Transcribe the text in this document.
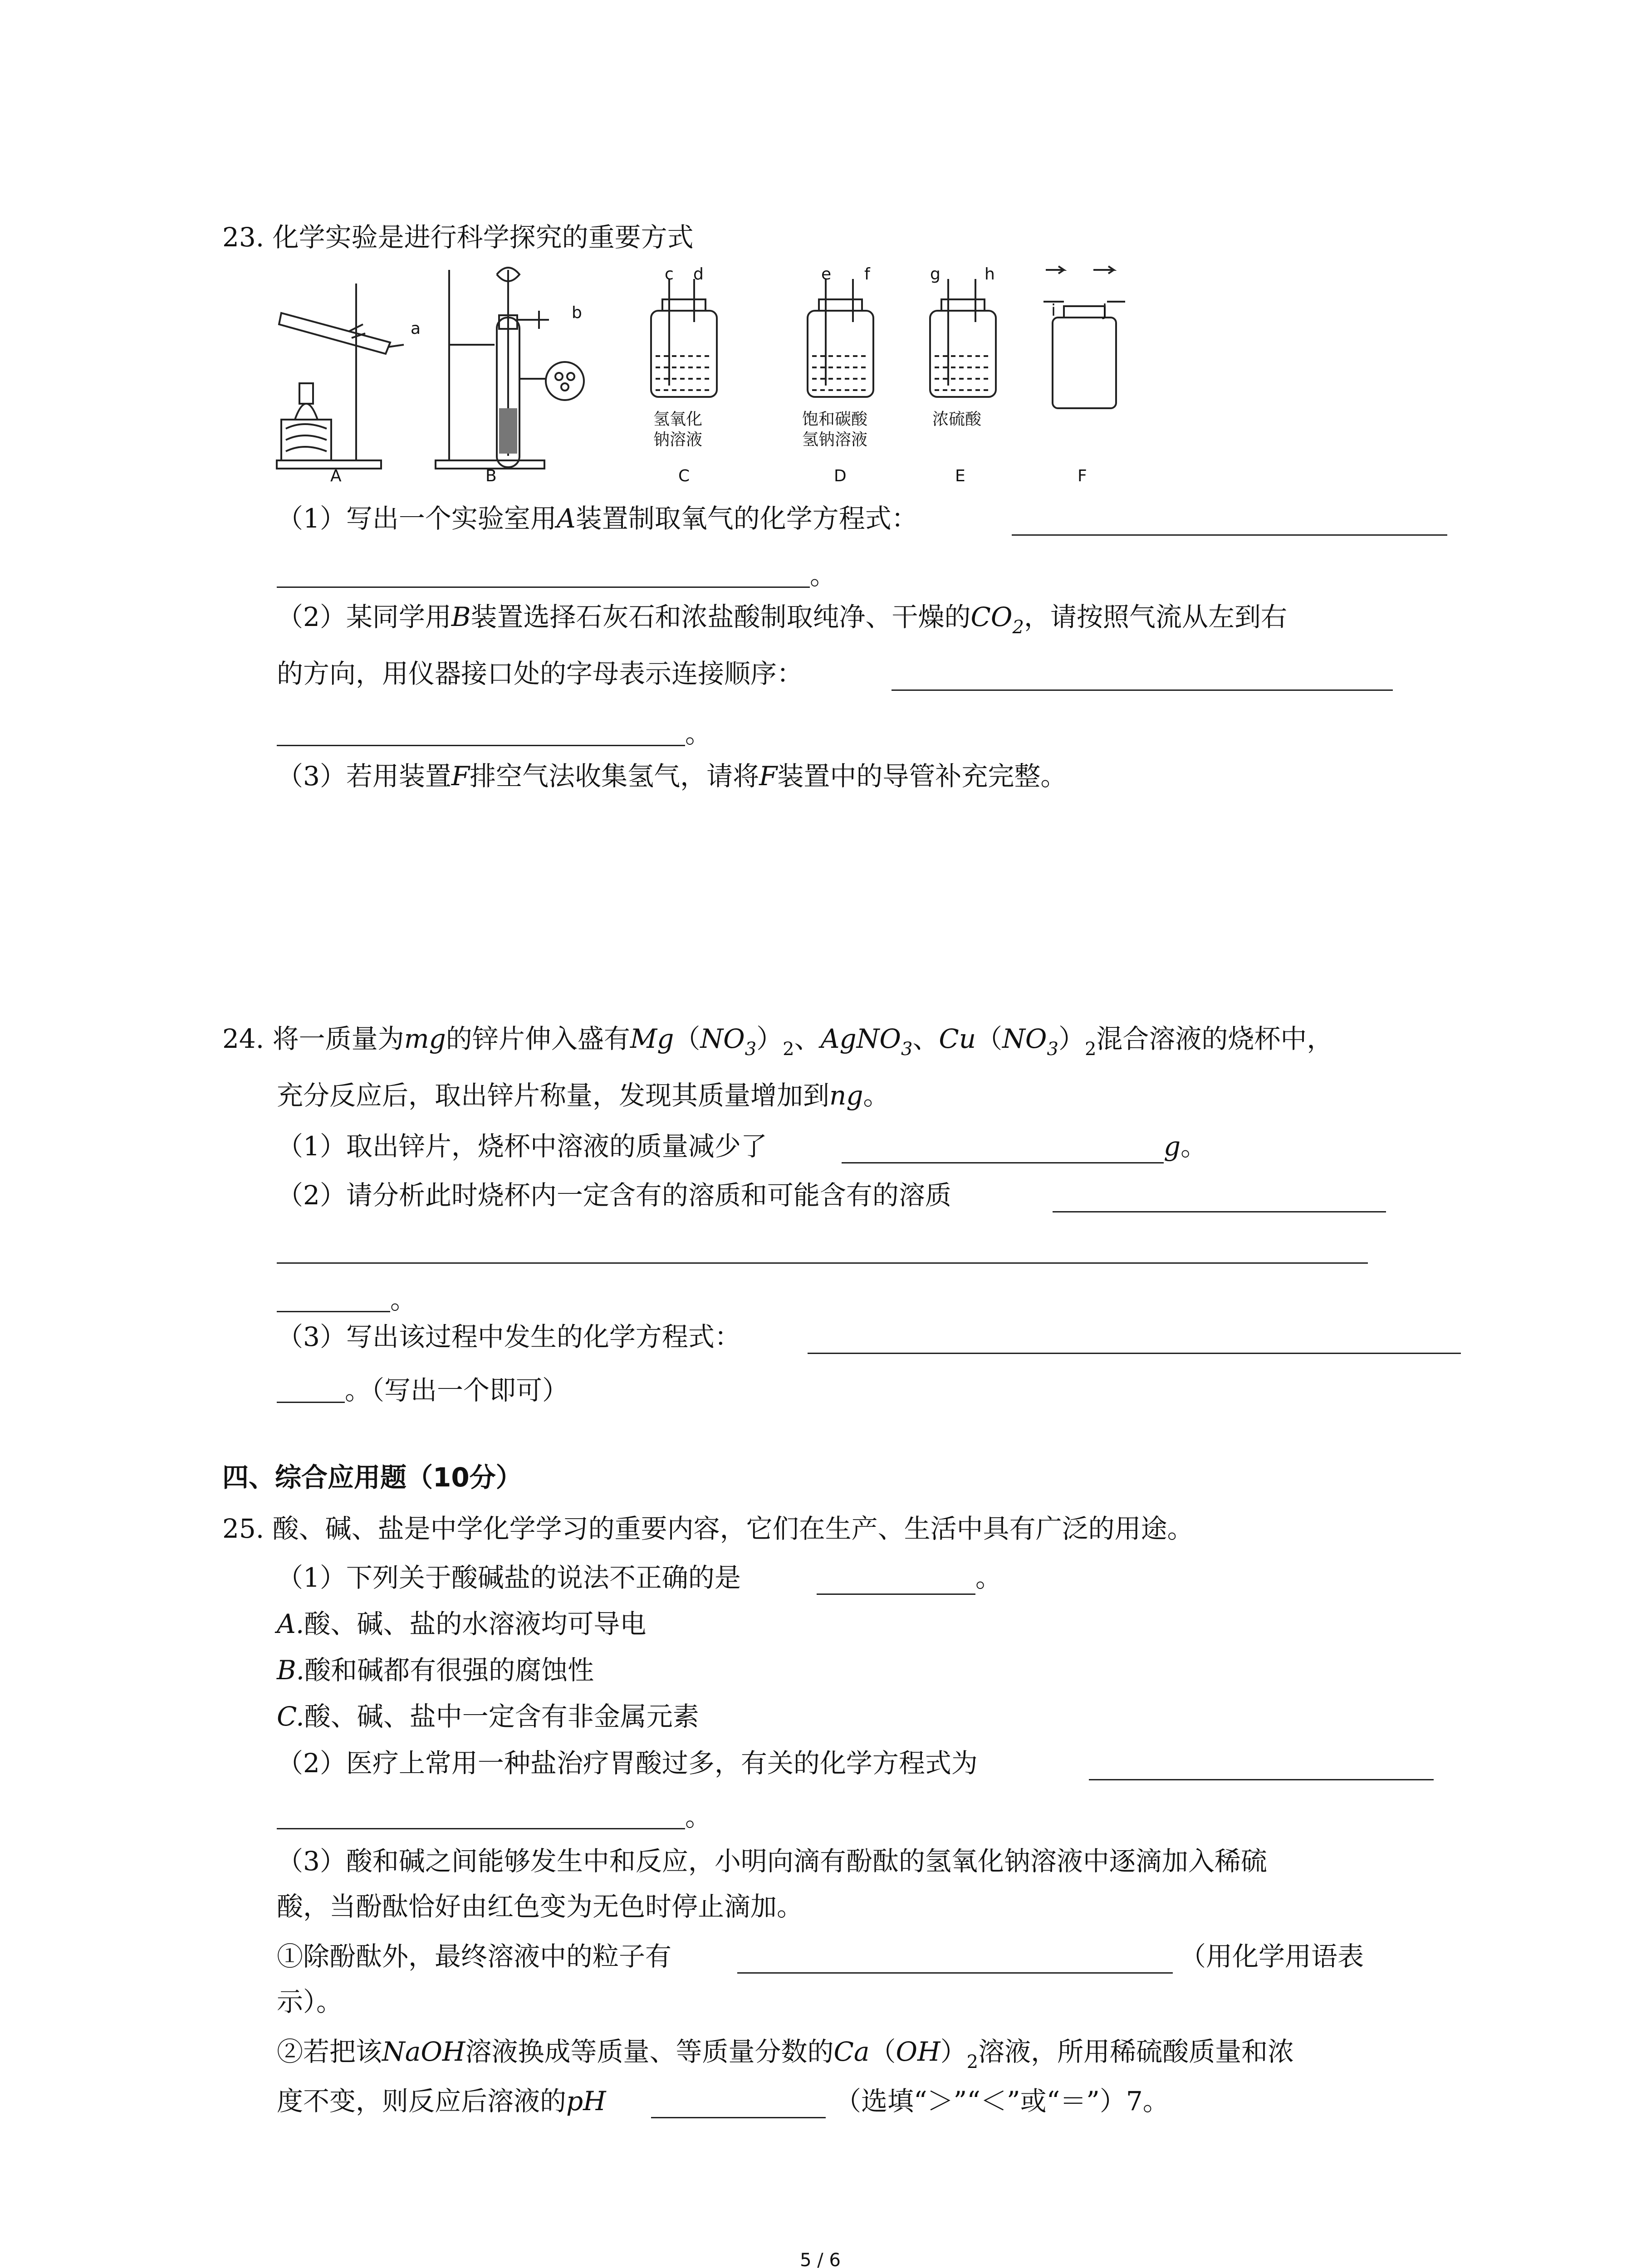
23. 化学实验是进行科学探究的重要方式
a
b
c d	e f	g	h
i	j
氢氧化
钠溶液
饱和碳酸
氢钠溶液
浓硫酸
A	B	C	D	E	F
（1）写出一个实验室用A装置制取氧气的化学方程式：
。
（2）某同学用B装置选择石灰石和浓盐酸制取纯净、干燥的$CO_2$，请按照气流从左到右
的方向，用仪器接口处的字母表示连接顺序：
。
（3）若用装置F排空气法收集氢气，请将F装置中的导管补充完整。
24. 将一质量为mg的锌片伸入盛有$Mg(NO_3)_2$、AgNO$_3$、$Cu(NO_3)_2$混合溶液的烧杯中，
充分反应后，取出锌片称量，发现其质量增加到ng。
（1）取出锌片，烧杯中溶液的质量减少了	g。
（2）请分析此时烧杯内一定含有的溶质和可能含有的溶质
。
（3）写出该过程中发生的化学方程式：
。（写出一个即可）
四、综合应用题（10分）
25. 酸、碱、盐是中学化学学习的重要内容，它们在生产、生活中具有广泛的用途。
（1）下列关于酸碱盐的说法不正确的是	。
A.酸、碱、盐的水溶液均可导电
B.酸和碱都有很强的腐蚀性
C.酸、碱、盐中一定含有非金属元素
（2）医疗上常用一种盐治疗胃酸过多，有关的化学方程式为
。
（3）酸和碱之间能够发生中和反应，小明向滴有酚酞的氢氧化钠溶液中逐滴加入稀硫
酸，当酚酞恰好由红色变为无色时停止滴加。
①除酚酞外，最终溶液中的粒子有	（用化学用语表
示）。
②若把该NaOH溶液换成等质量、等质量分数的$Ca(OH)_2$溶液，所用稀硫酸质量和浓
度不变，则反应后溶液的pH	（选填“＞”“＜”或“＝”）7。
5 / 6
